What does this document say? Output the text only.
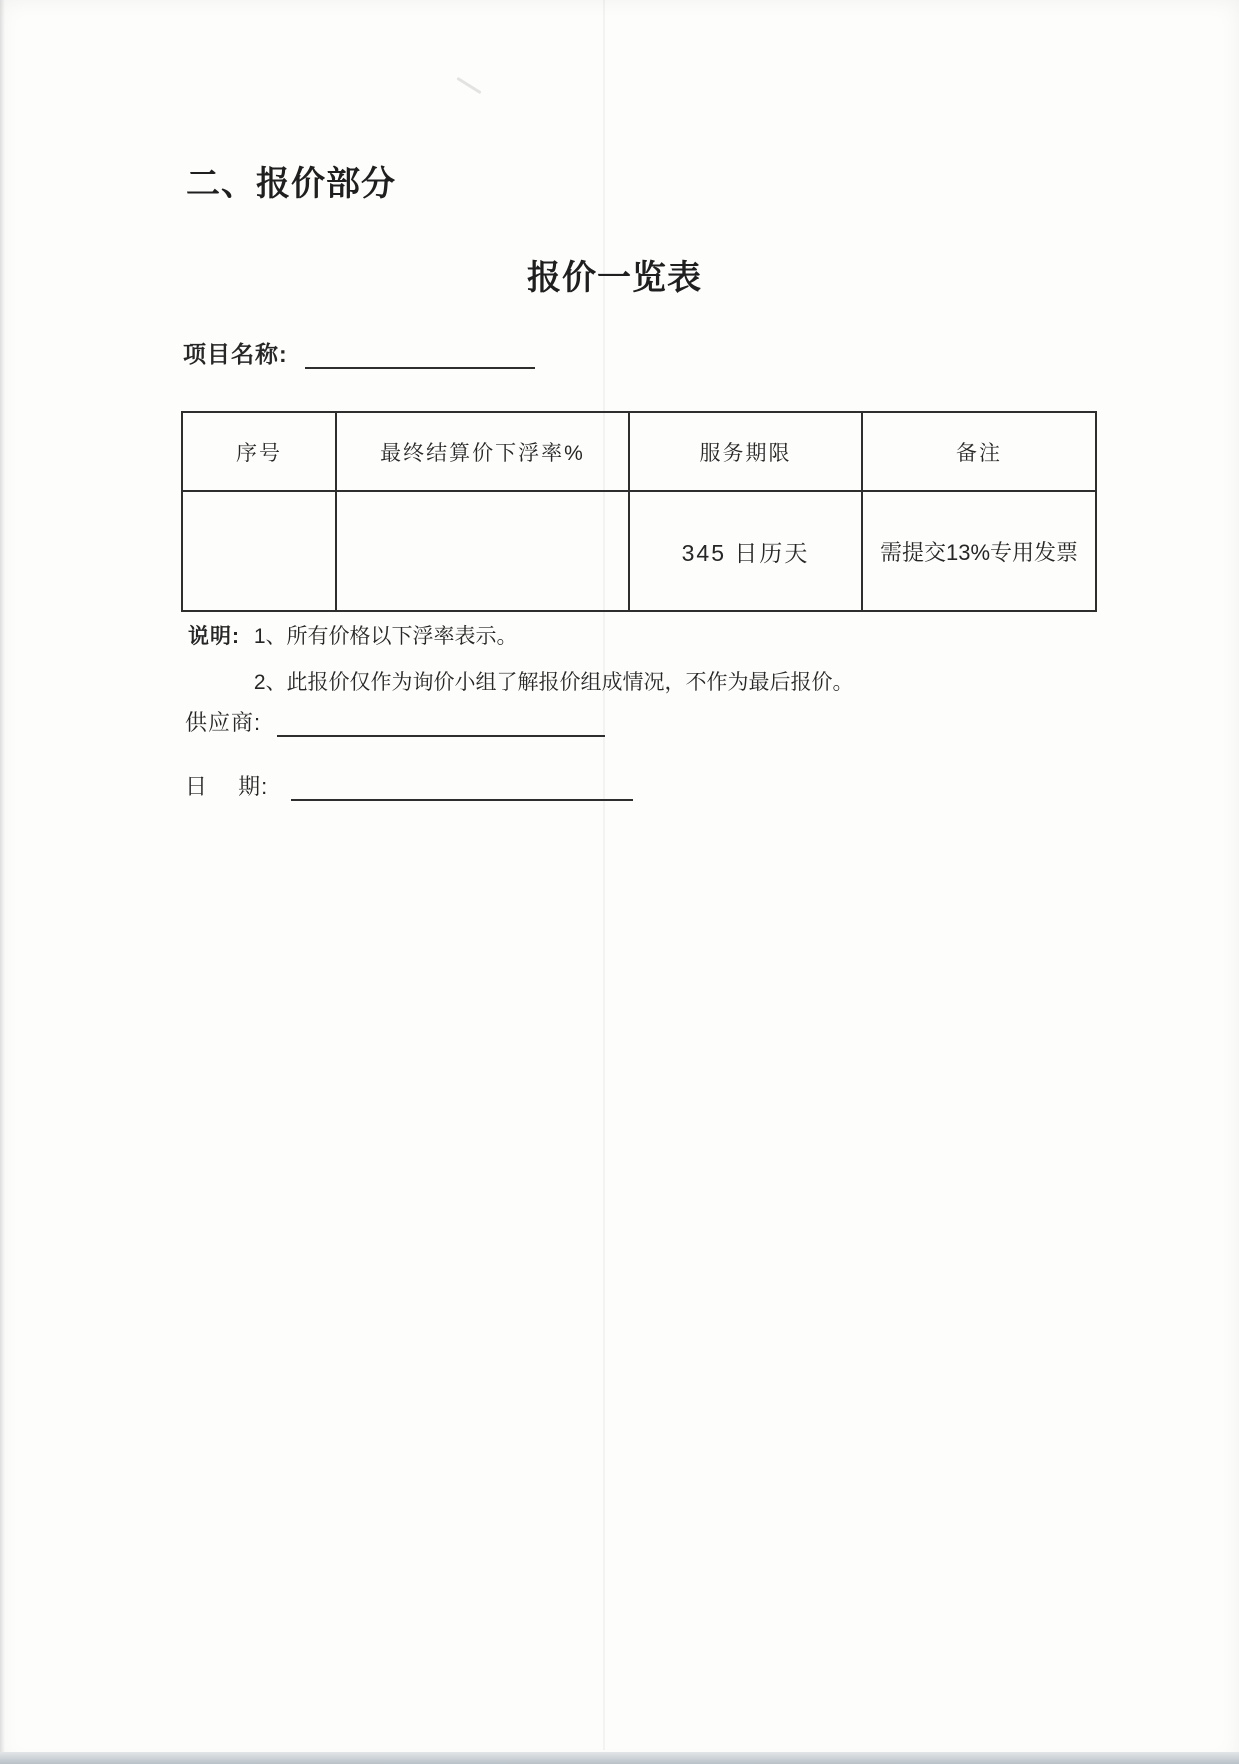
二、报价部分
报价一览表
项目名称:
序号	最终结算价下浮率%	服务期限	备注
		345 日历天	需提交13%专用发票
说明: 1、所有价格以下浮率表示。
2、此报价仅作为询价小组了解报价组成情况，不作为最后报价。
供应商:
日　 期:
